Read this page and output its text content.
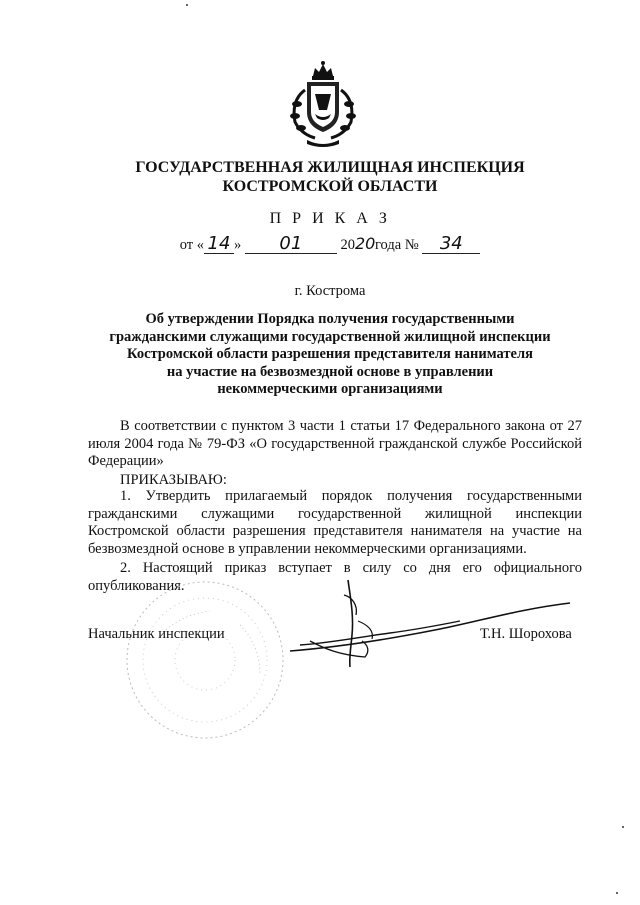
ГОСУДАРСТВЕННАЯ ЖИЛИЩНАЯ ИНСПЕКЦИЯ
КОСТРОМСКОЙ ОБЛАСТИ
П Р И К А З
от « 14 » 01	2020года № 34
г. Кострома
Об утверждении Порядка получения государственными
гражданскими служащими государственной жилищной инспекции
Костромской области разрешения представителя нанимателя
на участие на безвозмездной основе в управлении
некоммерческими организациями
В соответствии с пунктом 3 части 1 статьи 17 Федерального закона от 27 июля 2004 года № 79-ФЗ «О государственной гражданской службе Российской Федерации»
ПРИКАЗЫВАЮ:
1. Утвердить прилагаемый порядок получения государственными гражданскими служащими государственной жилищной инспекции Костромской области разрешения представителя нанимателя на участие на безвозмездной основе в управлении некоммерческими организациями.
2. Настоящий приказ вступает в силу со дня его официального опубликования.
Начальник инспекции	Т.Н. Шорохова
